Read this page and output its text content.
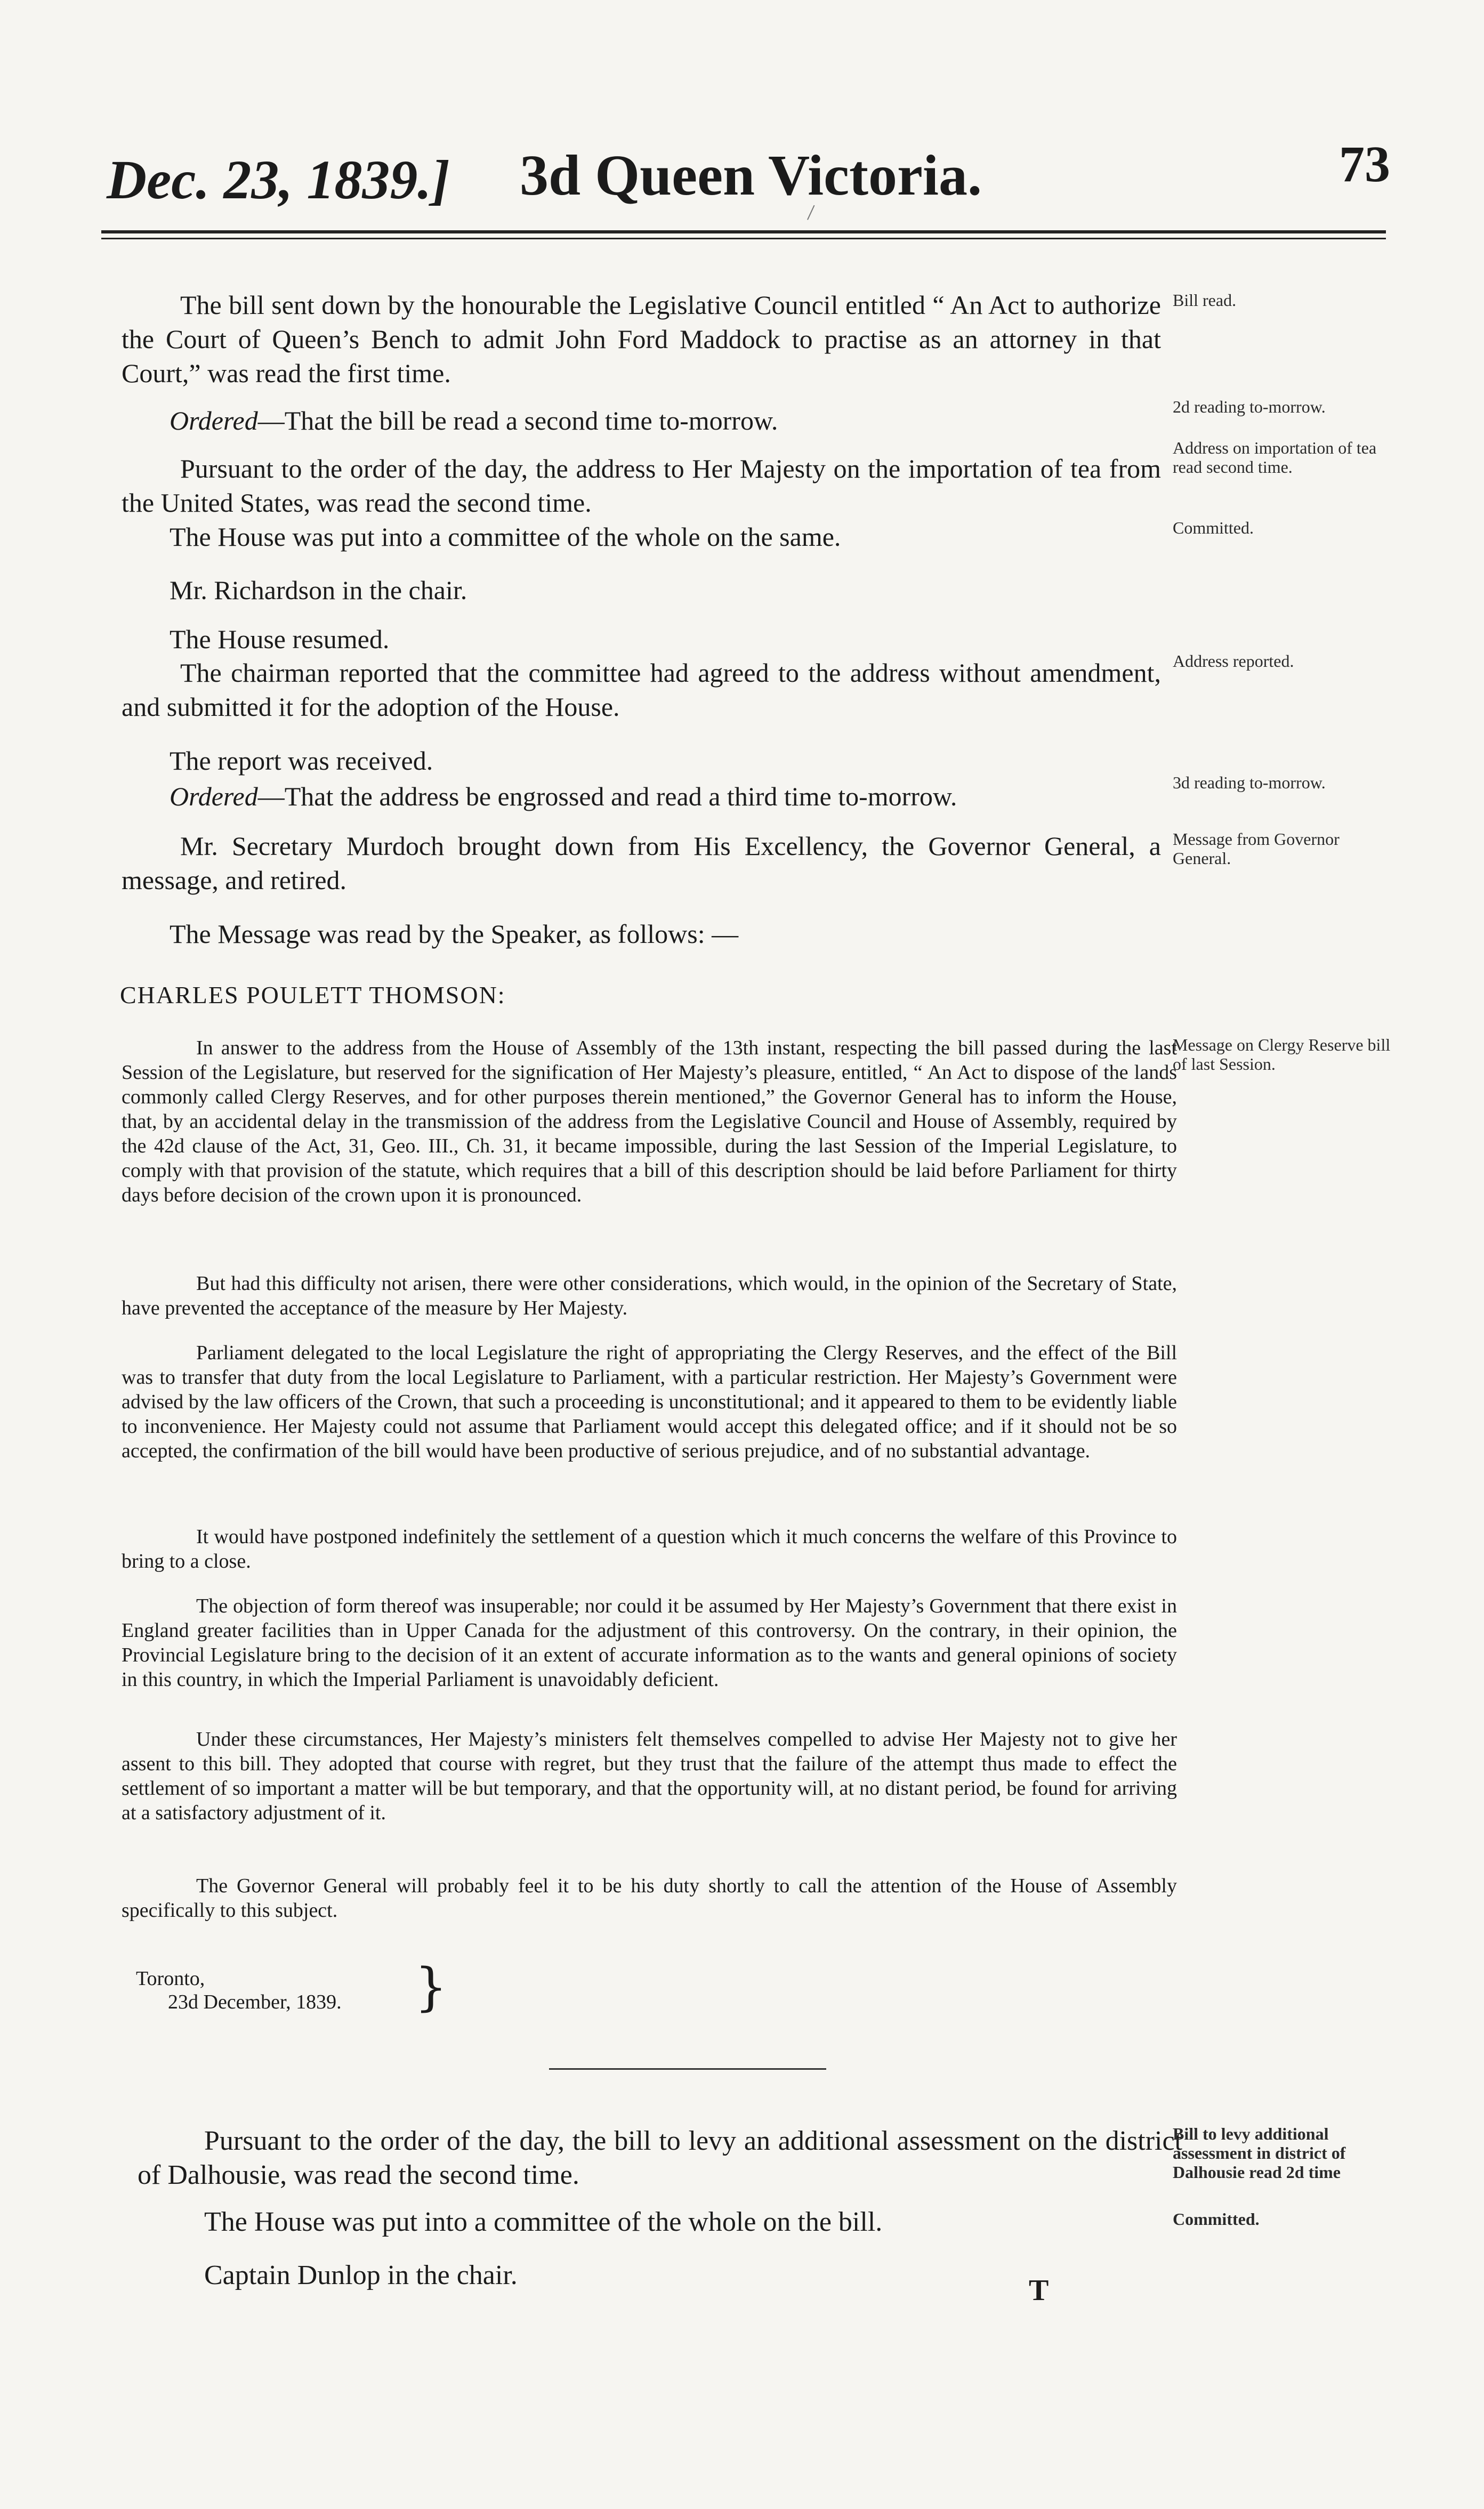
Dec. 23, 1839.] 3d Queen Victoria.	73
The bill sent down by the honourable the Legislative Council entitled “ An Act to authorize the Court of Queen’s Bench to admit John Ford Maddock to practise as an attorney in that Court,” was read the first time.
Bill read.
Ordered—That the bill be read a second time to-morrow.	2d reading to-morrow.
Pursuant to the order of the day, the address to Her Majesty on the importation of tea from the United States, was read the second time.
Address on importation of tea read second time.
The House was put into a committee of the whole on the same.	Committed.
Mr. Richardson in the chair.
The House resumed.
The chairman reported that the committee had agreed to the address without amendment, and submitted it for the adoption of the House.
Address reported.
The report was received.
Ordered—That the address be engrossed and read a third time to-morrow.	3d reading to-morrow.
Mr. Secretary Murdoch brought down from His Excellency, the Governor General, a message, and retired.
Message from Governor General.
The Message was read by the Speaker, as follows: —
CHARLES POULETT THOMSON:
In answer to the address from the House of Assembly of the 13th instant, respecting the bill passed during the last Session of the Legislature, but reserved for the signification of Her Majesty’s pleasure, entitled, “ An Act to dispose of the lands commonly called Clergy Reserves, and for other purposes therein mentioned,” the Governor General has to inform the House, that, by an accidental delay in the transmission of the address from the Legislative Council and House of Assembly, required by the 42d clause of the Act, 31, Geo. III., Ch. 31, it became impossible, during the last Session of the Imperial Legislature, to comply with that provision of the statute, which requires that a bill of this description should be laid before Parliament for thirty days before decision of the crown upon it is pronounced.
Message on Clergy Reserve bill of last Session.
But had this difficulty not arisen, there were other considerations, which would, in the opinion of the Secretary of State, have prevented the acceptance of the measure by Her Majesty.
Parliament delegated to the local Legislature the right of appropriating the Clergy Reserves, and the effect of the Bill was to transfer that duty from the local Legislature to Parliament, with a particular restriction. Her Majesty’s Government were advised by the law officers of the Crown, that such a proceeding is unconstitutional; and it appeared to them to be evidently liable to inconvenience. Her Majesty could not assume that Parliament would accept this delegated office; and if it should not be so accepted, the confirmation of the bill would have been productive of serious prejudice, and of no substantial advantage.
It would have postponed indefinitely the settlement of a question which it much concerns the welfare of this Province to bring to a close.
The objection of form thereof was insuperable; nor could it be assumed by Her Majesty’s Government that there exist in England greater facilities than in Upper Canada for the adjustment of this controversy. On the contrary, in their opinion, the Provincial Legislature bring to the decision of it an extent of accurate information as to the wants and general opinions of society in this country, in which the Imperial Parliament is unavoidably deficient.
Under these circumstances, Her Majesty’s ministers felt themselves compelled to advise Her Majesty not to give her assent to this bill. They adopted that course with regret, but they trust that the failure of the attempt thus made to effect the settlement of so important a matter will be but temporary, and that the opportunity will, at no distant period, be found for arriving at a satisfactory adjustment of it.
The Governor General will probably feel it to be his duty shortly to call the attention of the House of Assembly specifically to this subject.
Toronto,
23d December, 1839. }
Pursuant to the order of the day, the bill to levy an additional assessment on the district of Dalhousie, was read the second time.
Bill to levy additional assessment in district of Dalhousie read 2d time
The House was put into a committee of the whole on the bill.	Committed.
Captain Dunlop in the chair.	T
